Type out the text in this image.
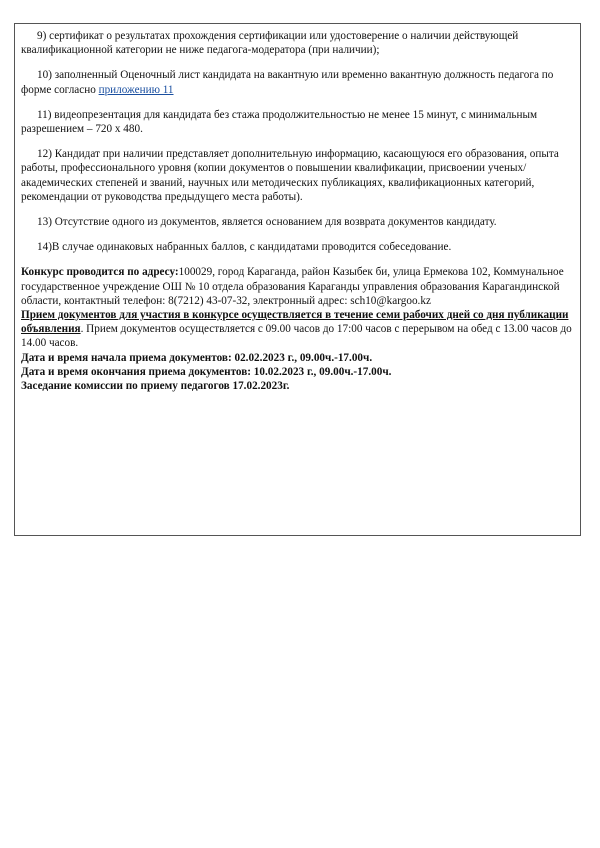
9) сертификат о результатах прохождения сертификации или удостоверение о наличии действующей квалификационной категории не ниже педагога-модератора (при наличии);

10) заполненный Оценочный лист кандидата на вакантную или временно вакантную должность педагога по форме согласно приложению 11

11) видеопрезентация для кандидата без стажа продолжительностью не менее 15 минут, с минимальным разрешением – 720 x 480.

12) Кандидат при наличии представляет дополнительную информацию, касающуюся его образования, опыта работы, профессионального уровня (копии документов о повышении квалификации, присвоении ученых/академических степеней и званий, научных или методических публикациях, квалификационных категорий, рекомендации от руководства предыдущего места работы).

13) Отсутствие одного из документов, является основанием для возврата документов кандидату.

14)В случае одинаковых набранных баллов, с кандидатами проводится собеседование.

Конкурс проводится по адресу:100029, город Караганда, район Казыбек би, улица Ермекова 102, Коммунальное государственное учреждение ОШ № 10 отдела образования Караганды управления образования Карагандинской области, контактный телефон: 8(7212) 43-07-32, электронный адрес: sch10@kargoo.kz

Прием документов для участия в конкурсе осуществляется в течение семи рабочих дней со дня публикации объявления. Прием документов осуществляется с 09.00 часов до 17:00 часов с перерывом на обед с 13.00 часов до 14.00 часов.

Дата и время начала приема документов: 02.02.2023 г., 09.00ч.-17.00ч.

Дата и время окончания приема документов: 10.02.2023 г., 09.00ч.-17.00ч.

Заседание комиссии по приему педагогов 17.02.2023г.
